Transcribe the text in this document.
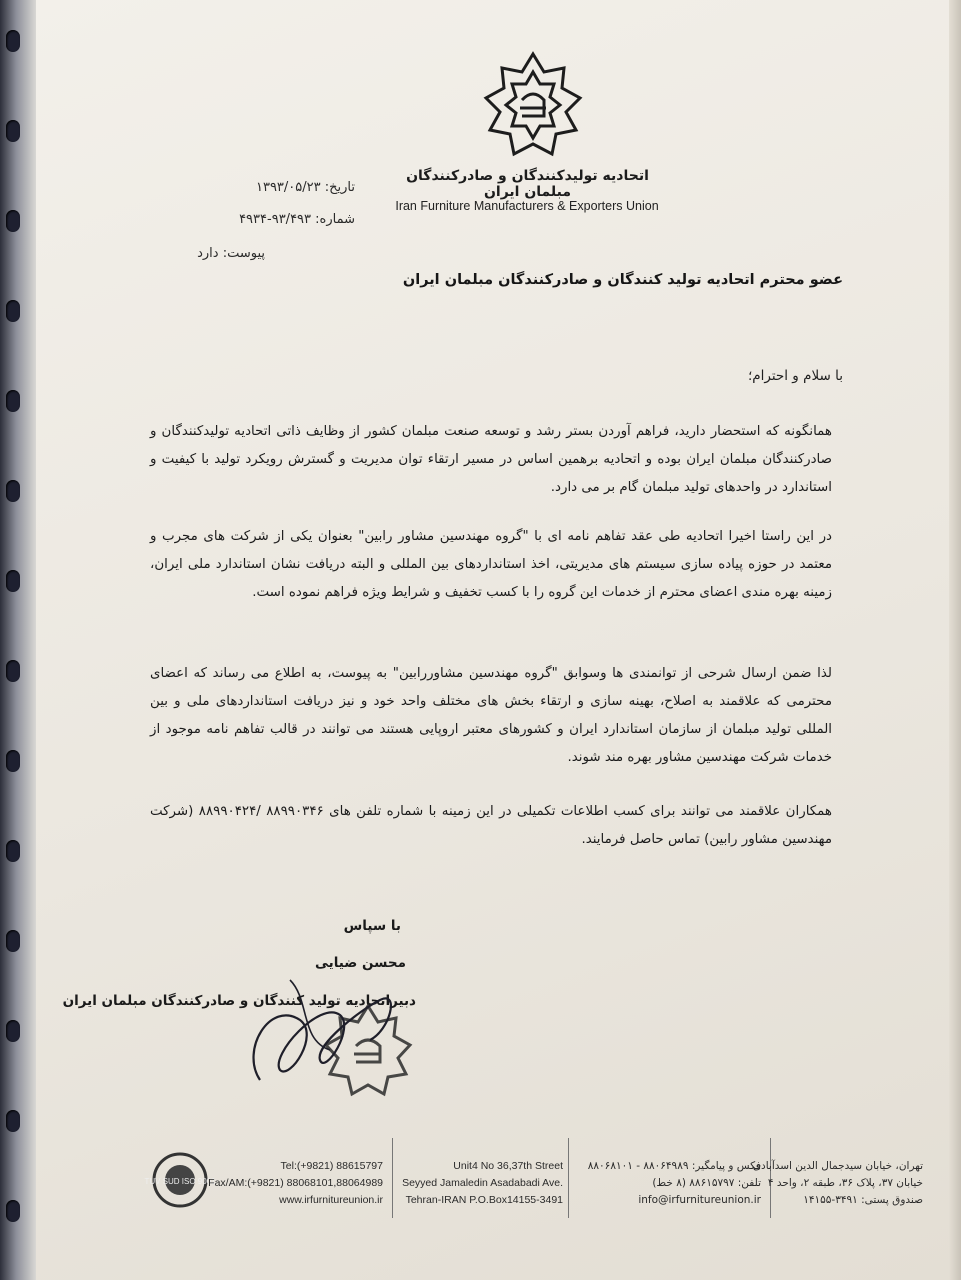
اتحادیه تولیدکنندگان و صادرکنندگان مبلمان ایران
Iran Furniture Manufacturers & Exporters Union
تاریخ: ۱۳۹۳/۰۵/۲۳
شماره: ۹۳/۴۹۳-۴۹۳۴
پیوست: دارد
عضو محترم اتحادیه تولید کنندگان و صادرکنندگان مبلمان ایران
با سلام و احترام؛
همانگونه که استحضار دارید، فراهم آوردن بستر رشد و توسعه صنعت مبلمان کشور از وظایف ذاتی اتحادیه تولیدکنندگان و صادرکنندگان مبلمان ایران بوده و اتحادیه برهمین اساس در مسیر ارتقاء توان مدیریت و گسترش رویکرد تولید با کیفیت و استاندارد در واحدهای تولید مبلمان گام بر می دارد.
در این راستا اخیرا اتحادیه طی عقد تفاهم نامه ای با "گروه مهندسین مشاور رابین" بعنوان یکی از شرکت های مجرب و معتمد در حوزه پیاده سازی سیستم های مدیریتی، اخذ استانداردهای بین المللی و البته دریافت نشان استاندارد ملی ایران، زمینه بهره مندی اعضای محترم از خدمات این گروه را با کسب تخفیف و شرایط ویژه فراهم نموده است.
لذا ضمن ارسال شرحی از توانمندی ها وسوابق "گروه مهندسین مشاوررابین" به پیوست، به اطلاع می رساند که اعضای محترمی که علاقمند به اصلاح، بهینه سازی و ارتقاء بخش های مختلف واحد خود و نیز دریافت استانداردهای ملی و بین المللی تولید مبلمان از سازمان استاندارد ایران و کشورهای معتبر اروپایی هستند می توانند در قالب تفاهم نامه موجود از خدمات شرکت مهندسین مشاور بهره مند شوند.
همکاران علاقمند می توانند برای کسب اطلاعات تکمیلی در این زمینه با شماره تلفن های ۸۸۹۹۰۳۴۶ /۸۸۹۹۰۴۲۴ (شرکت مهندسین مشاور رابین) تماس حاصل فرمایند.
با سپاس
محسن ضیایی
دبیراتحادیه تولید کنندگان و صادرکنندگان مبلمان ایران
TUV SUD ISO 9001
Tel:(+9821) 88615797
Fax/AM:(+9821) 88068101,88064989
www.irfurnitureunion.ir
Unit4 No 36,37th Street
Seyyed Jamaledin Asadabadi Ave.
Tehran-IRAN P.O.Box14155-3491
فکس و پیامگیر: ۸۸۰۶۴۹۸۹ - ۸۸۰۶۸۱۰۱
تلفن: ۸۸۶۱۵۷۹۷ (۸ خط)
info@irfurnitureunion.ir
تهران، خیابان سیدجمال الدین اسدآبادی
خیابان ۳۷، پلاک ۳۶، طبقه ۲، واحد ۴
صندوق پستی: ۳۴۹۱-۱۴۱۵۵
